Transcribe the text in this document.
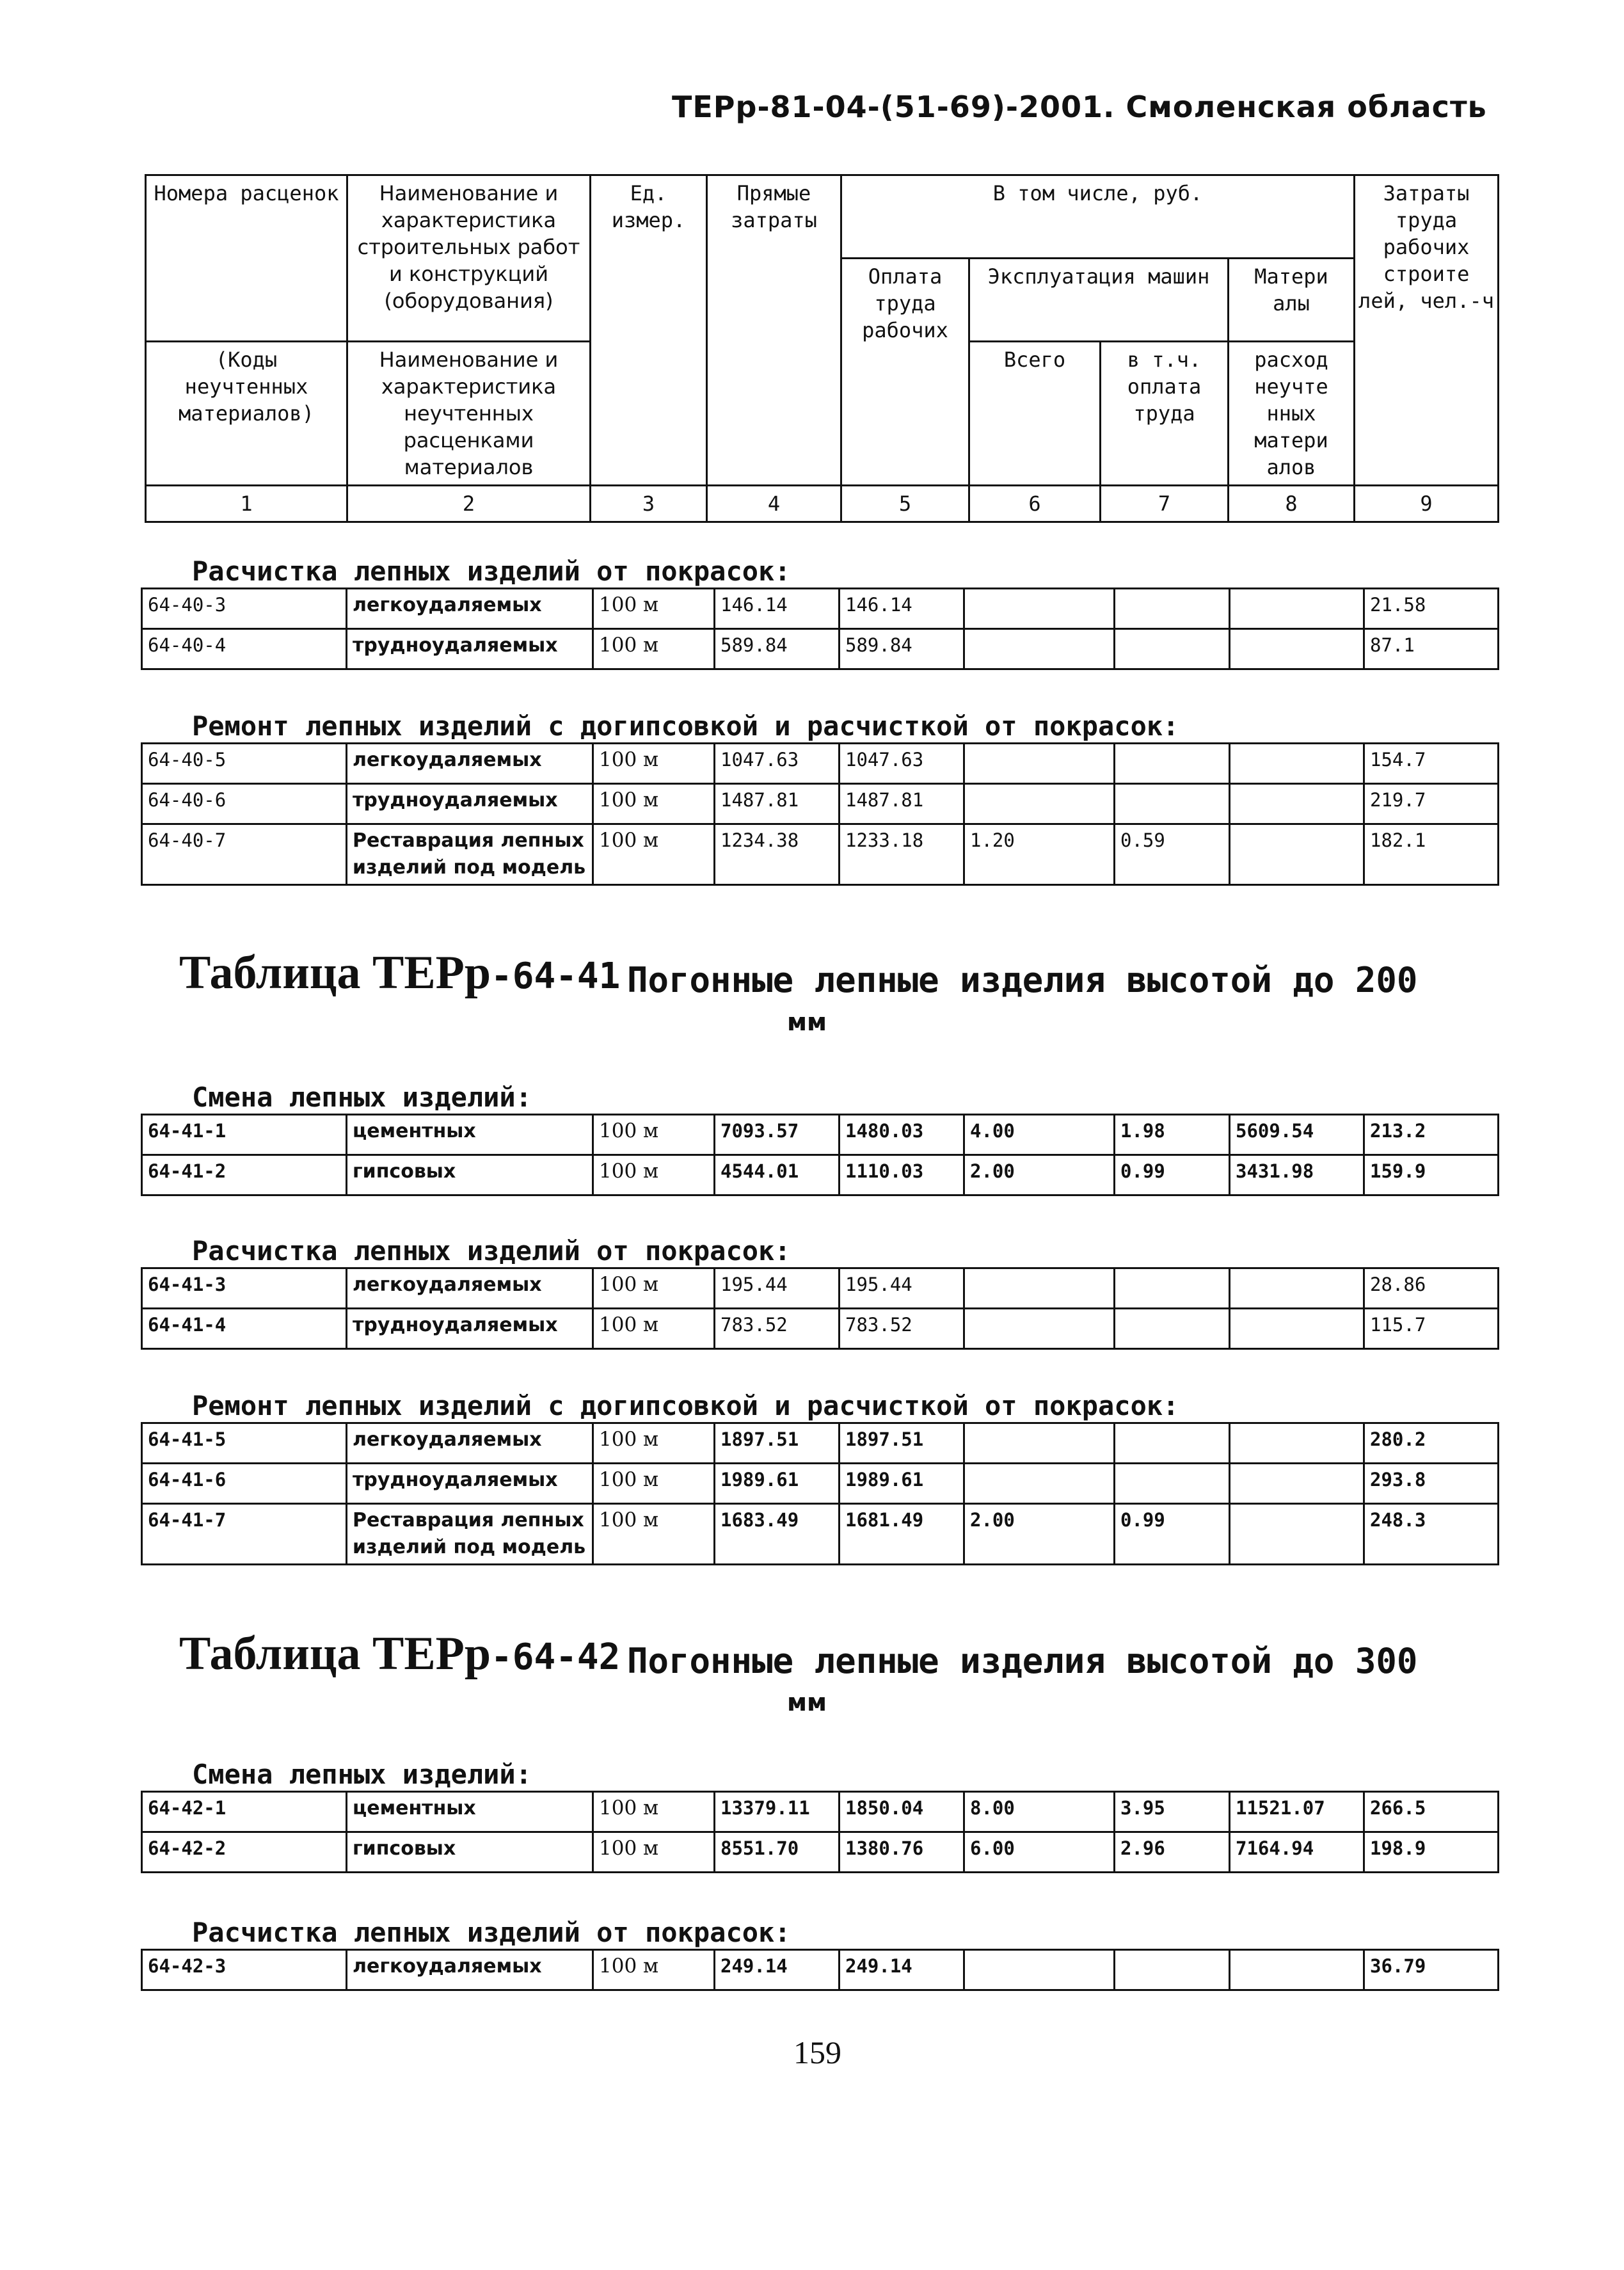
ТЕРр-81-04-(51-69)-2001. Смоленская область
Номера расценок	Наименование и характеристика строительных работ и конструкций (оборудования)	Ед. измер.	Прямые затраты	В том числе, руб.				Затраты труда рабочих строите лей, чел.-ч
				Оплата труда рабочих	Эксплуатация машин		Матери алы	
(Коды неучтенных материалов)	Наименование и характеристика неучтенных расценками материалов				Всего	в т.ч. оплата труда	расход неучте нных матери алов	

1	2	3	4	5	6	7	8	9
Расчистка лепных изделий от покрасок:
64-40-3	легкоудаляемых	100 м	146.14	146.14				21.58
64-40-4	трудноудаляемых	100 м	589.84	589.84				87.1
Ремонт лепных изделий с догипсовкой и расчисткой от покрасок:
64-40-5	легкоудаляемых	100 м	1047.63	1047.63				154.7
64-40-6	трудноудаляемых	100 м	1487.81	1487.81				219.7
64-40-7	Реставрация лепных изделий под модель	100 м	1234.38	1233.18	1.20	0.59		182.1
Таблица ТЕРр-64-41 Погонные лепные изделия высотой до 200
мм
Смена лепных изделий:
64-41-1	цементных	100 м	7093.57	1480.03	4.00	1.98	5609.54	213.2
64-41-2	гипсовых	100 м	4544.01	1110.03	2.00	0.99	3431.98	159.9
Расчистка лепных изделий от покрасок:
64-41-3	легкоудаляемых	100 м	195.44	195.44				28.86
64-41-4	трудноудаляемых	100 м	783.52	783.52				115.7
Ремонт лепных изделий с догипсовкой и расчисткой от покрасок:
64-41-5	легкоудаляемых	100 м	1897.51	1897.51				280.2
64-41-6	трудноудаляемых	100 м	1989.61	1989.61				293.8
64-41-7	Реставрация лепных изделий под модель	100 м	1683.49	1681.49	2.00	0.99		248.3
Таблица ТЕРр-64-42 Погонные лепные изделия высотой до 300
мм
Смена лепных изделий:
64-42-1	цементных	100 м	13379.11	1850.04	8.00	3.95	11521.07	266.5
64-42-2	гипсовых	100 м	8551.70	1380.76	6.00	2.96	7164.94	198.9
Расчистка лепных изделий от покрасок:
64-42-3	легкоудаляемых	100 м	249.14	249.14				36.79
159
